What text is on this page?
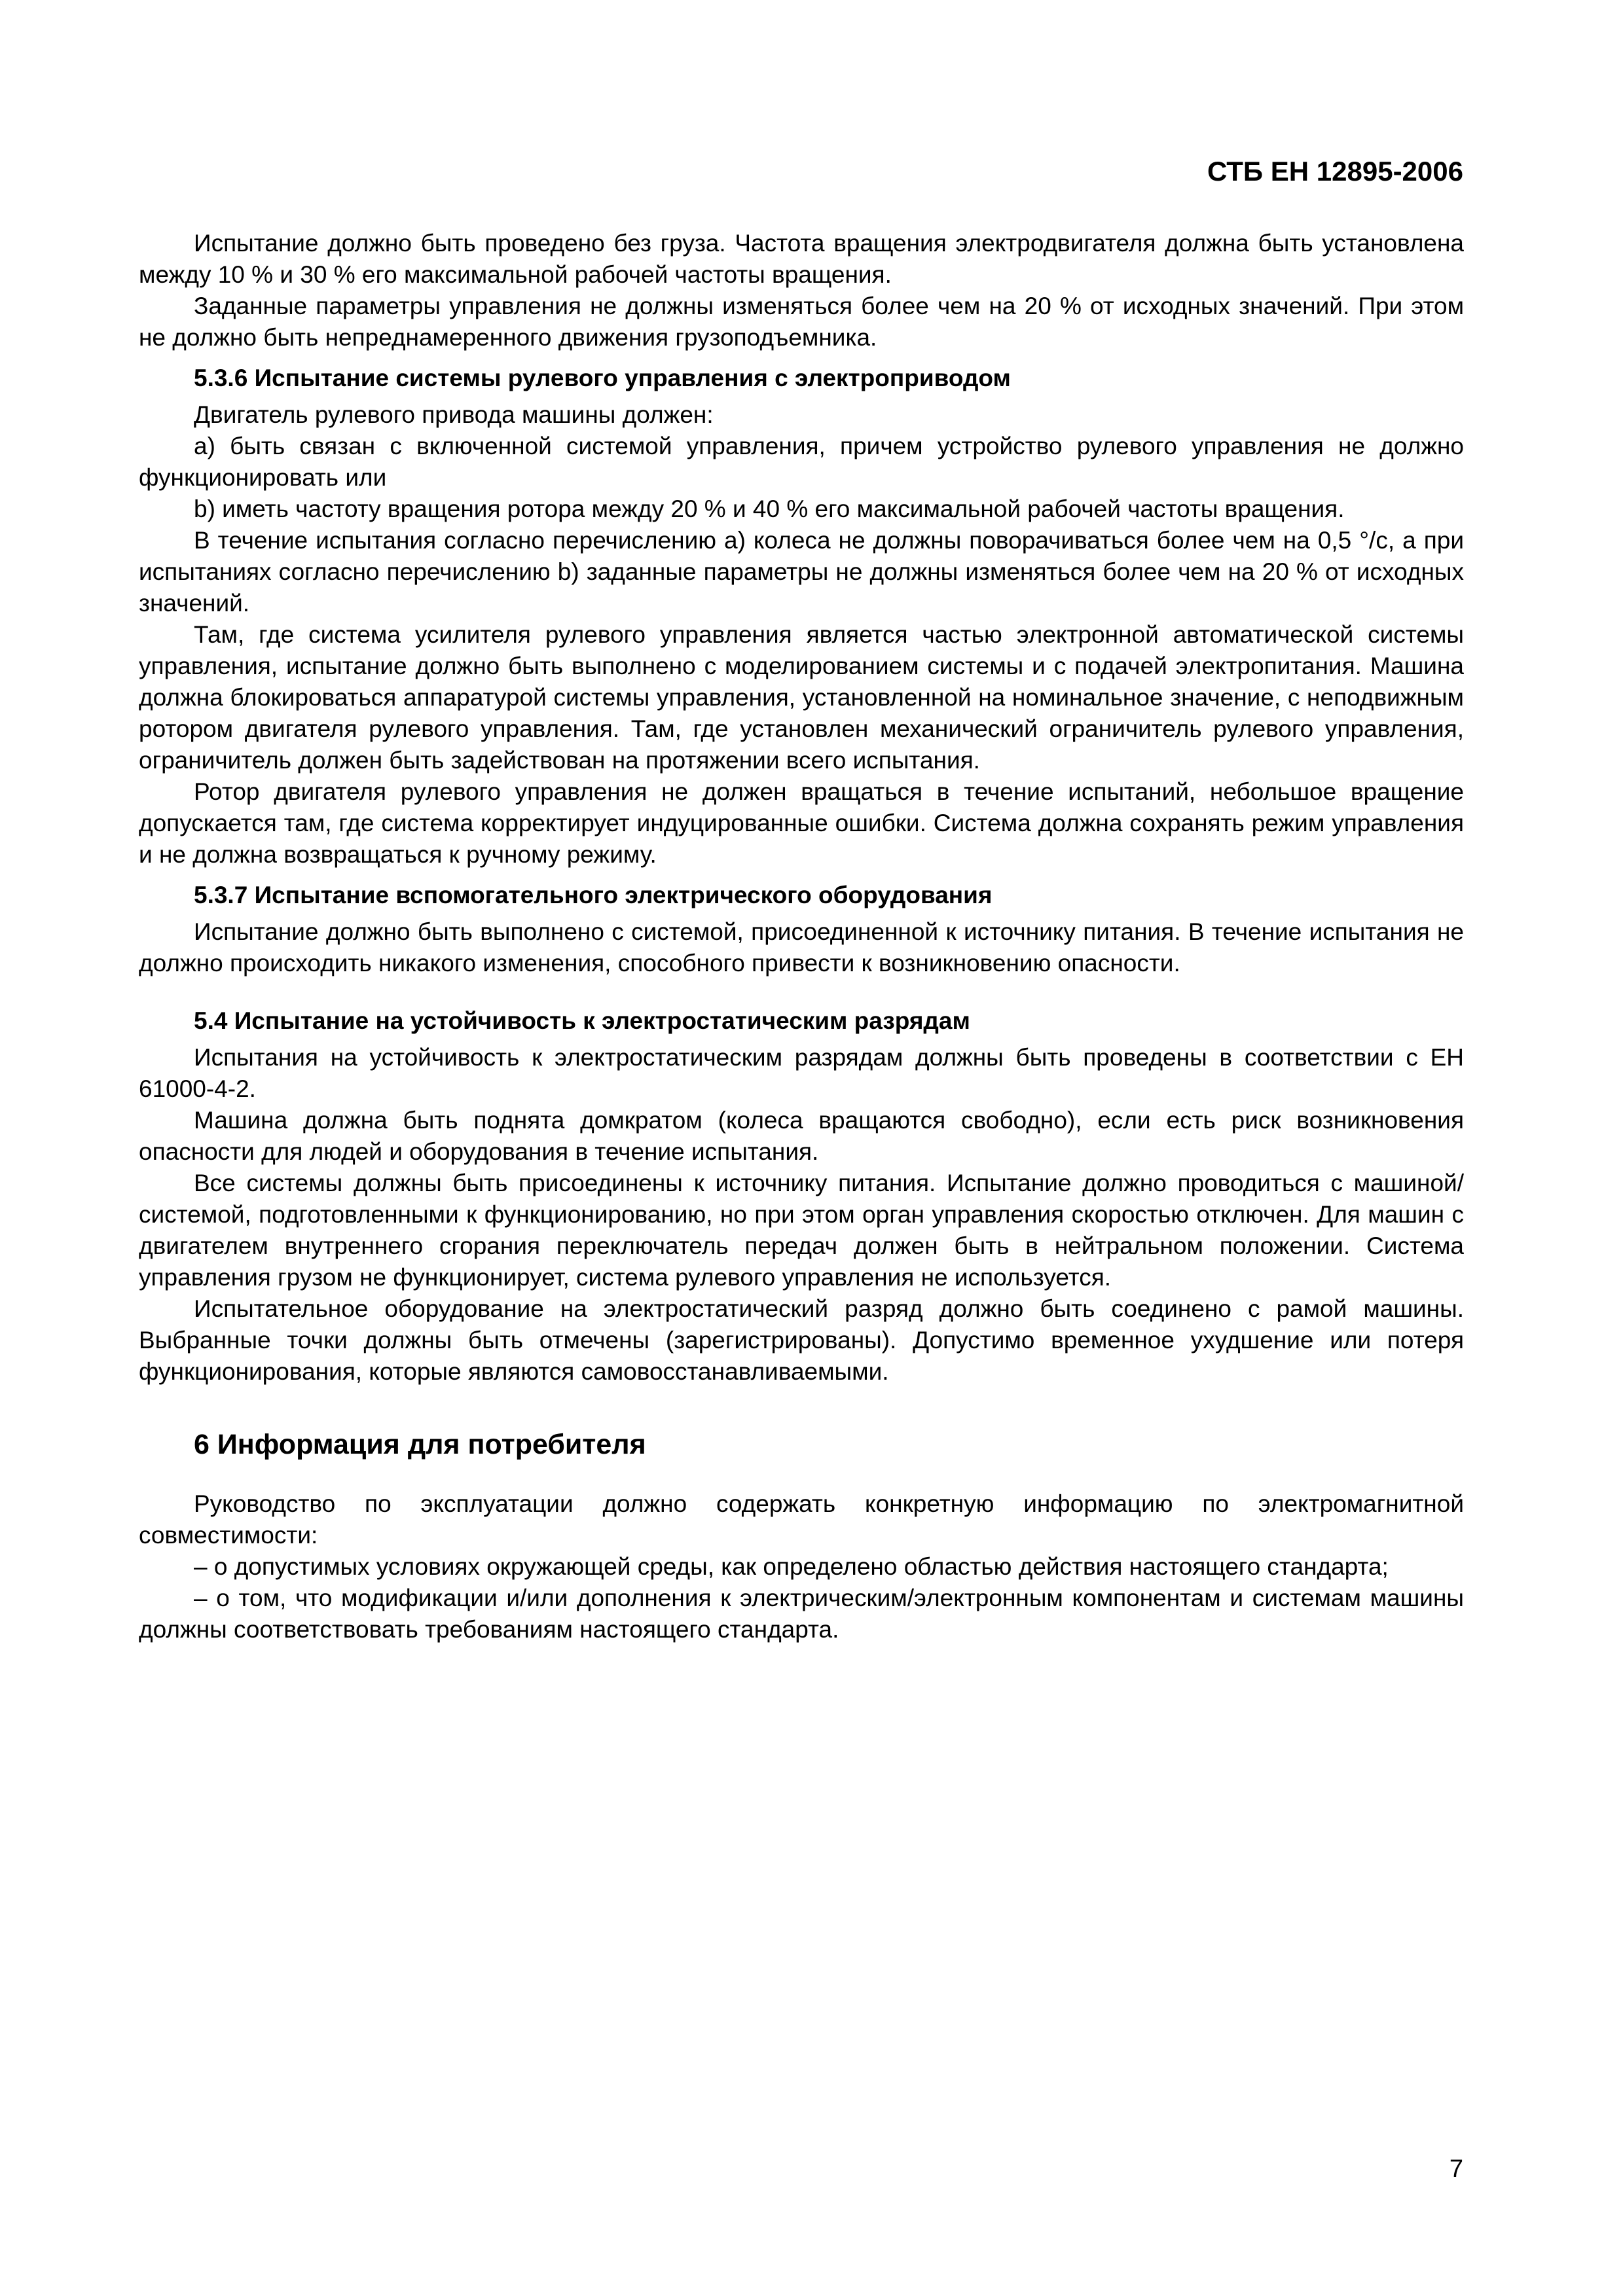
СТБ ЕН 12895-2006

Испытание должно быть проведено без груза. Частота вращения электродвигателя должна быть установлена между 10 % и 30 % его максимальной рабочей частоты вращения.

Заданные параметры управления не должны изменяться более чем на 20 % от исходных значений. При этом не должно быть непреднамеренного движения грузоподъемника.

5.3.6 Испытание системы рулевого управления с электроприводом

Двигатель рулевого привода машины должен:

a) быть связан с включенной системой управления, причем устройство рулевого управления не должно функционировать или

b) иметь частоту вращения ротора между 20 % и 40 % его максимальной рабочей частоты вращения.

В течение испытания согласно перечислению a) колеса не должны поворачиваться более чем на 0,5 °/с, а при испытаниях согласно перечислению b) заданные параметры не должны изменяться более чем на 20 % от исходных значений.

Там, где система усилителя рулевого управления является частью электронной автоматической системы управления, испытание должно быть выполнено с моделированием системы и с подачей электропитания. Машина должна блокироваться аппаратурой системы управления, установленной на номинальное значение, с неподвижным ротором двигателя рулевого управления. Там, где установлен механический ограничитель рулевого управления, ограничитель должен быть задействован на протяжении всего испытания.

Ротор двигателя рулевого управления не должен вращаться в течение испытаний, небольшое вращение допускается там, где система корректирует индуцированные ошибки. Система должна сохранять режим управления и не должна возвращаться к ручному режиму.

5.3.7 Испытание вспомогательного электрического оборудования

Испытание должно быть выполнено с системой, присоединенной к источнику питания. В течение испытания не должно происходить никакого изменения, способного привести к возникновению опасности.

5.4 Испытание на устойчивость к электростатическим разрядам

Испытания на устойчивость к электростатическим разрядам должны быть проведены в соответствии с ЕН 61000-4-2.

Машина должна быть поднята домкратом (колеса вращаются свободно), если есть риск возникновения опасности для людей и оборудования в течение испытания.

Все системы должны быть присоединены к источнику питания. Испытание должно проводиться с машиной/системой, подготовленными к функционированию, но при этом орган управления скоростью отключен. Для машин с двигателем внутреннего сгорания переключатель передач должен быть в нейтральном положении. Система управления грузом не функционирует, система рулевого управления не используется.

Испытательное оборудование на электростатический разряд должно быть соединено с рамой машины. Выбранные точки должны быть отмечены (зарегистрированы). Допустимо временное ухудшение или потеря функционирования, которые являются самовосстанавливаемыми.

6 Информация для потребителя

Руководство по эксплуатации должно содержать конкретную информацию по электромагнитной совместимости:

– о допустимых условиях окружающей среды, как определено областью действия настоящего стандарта;

– о том, что модификации и/или дополнения к электрическим/электронным компонентам и системам машины должны соответствовать требованиям настоящего стандарта.

7
